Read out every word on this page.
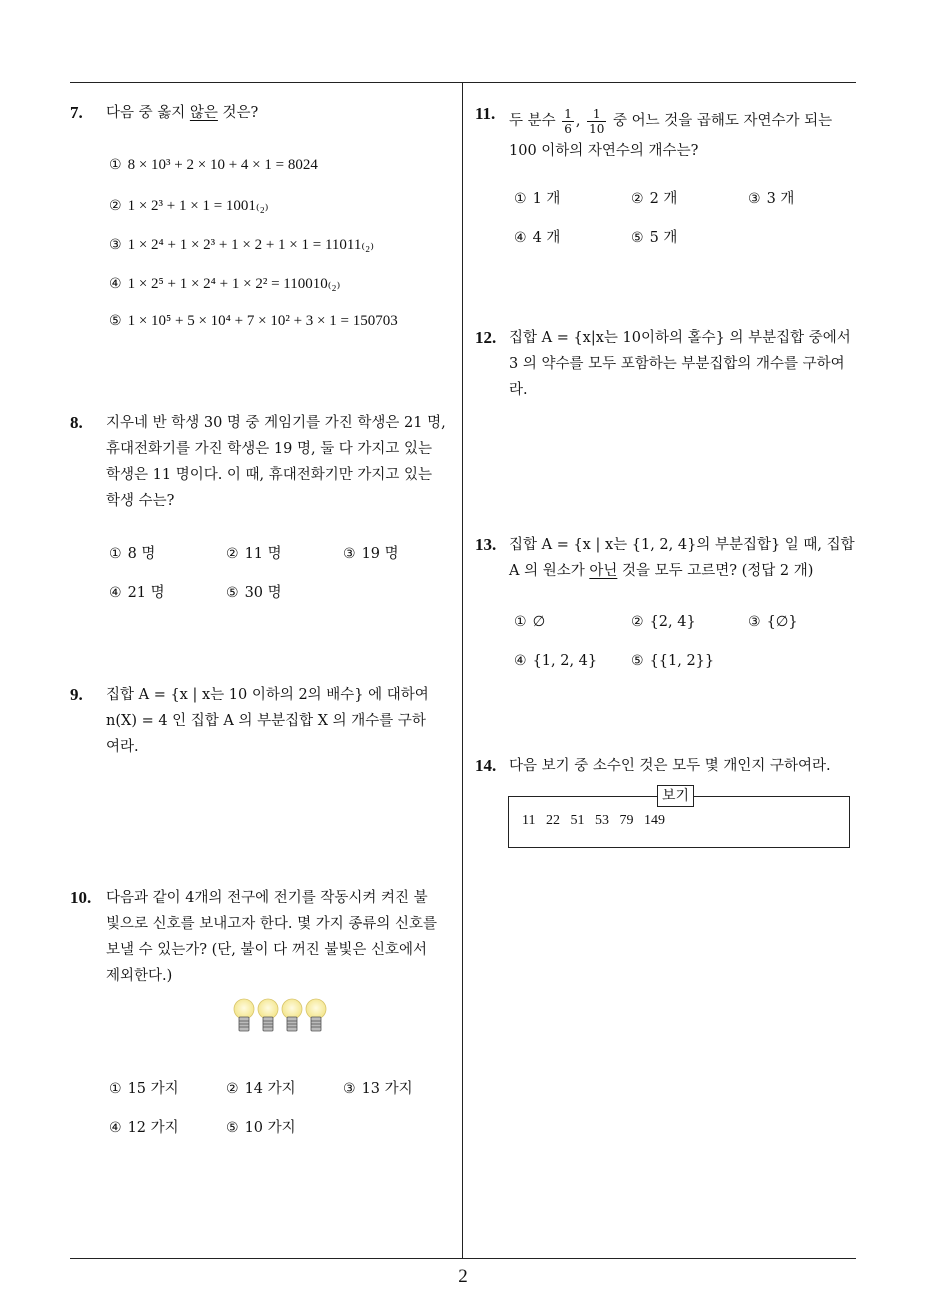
7. 다음 중 옳지 않은 것은?
① 8 × 10³ + 2 × 10 + 4 × 1 = 8024
② 1 × 2³ + 1 × 1 = 1001₍₂₎
③ 1 × 2⁴ + 1 × 2³ + 1 × 2 + 1 × 1 = 11011₍₂₎
④ 1 × 2⁵ + 1 × 2⁴ + 1 × 2² = 110010₍₂₎
⑤ 1 × 10⁵ + 5 × 10⁴ + 7 × 10² + 3 × 1 = 150703
8. 지우네 반 학생 30 명 중 게임기를 가진 학생은 21 명,
휴대전화기를 가진 학생은 19 명, 둘 다 가지고 있는
학생은 11 명이다. 이 때, 휴대전화기만 가지고 있는
학생 수는?
① 8 명	② 11 명	③ 19 명
④ 21 명	⑤ 30 명
9. 집합 A = {x | x는 10 이하의 2의 배수} 에 대하여
n(X) = 4 인 집합 A 의 부분집합 X 의 개수를 구하
여라.
10. 다음과 같이 4개의 전구에 전기를 작동시켜 켜진 불
빛으로 신호를 보내고자 한다. 몇 가지 종류의 신호를
보낼 수 있는가? (단, 불이 다 꺼진 불빛은 신호에서
제외한다.)
① 15 가지	② 14 가지	③ 13 가지
④ 12 가지	⑤ 10 가지
11. 두 분수 $\frac{1}{6}$ , $\frac{1}{10}$ 중 어느 것을 곱해도 자연수가 되는
100 이하의 자연수의 개수는?
① 1 개	② 2 개	③ 3 개
④ 4 개	⑤ 5 개
12. 집합 A = {x|x는 10이하의 홀수} 의 부분집합 중에서
3 의 약수를 모두 포함하는 부분집합의 개수를 구하여
라.
13. 집합 A = {x | x는 {1, 2, 4}의 부분집합} 일 때, 집합
A 의 원소가 아닌 것을 모두 고르면? (정답 2 개)
① ∅	② {2, 4}	③ {∅}
④ {1, 2, 4} ⑤ {{1, 2}}
14. 다음 보기 중 소수인 것은 모두 몇 개인지 구하여라.
보기
11   22   51   53   79   149
2
